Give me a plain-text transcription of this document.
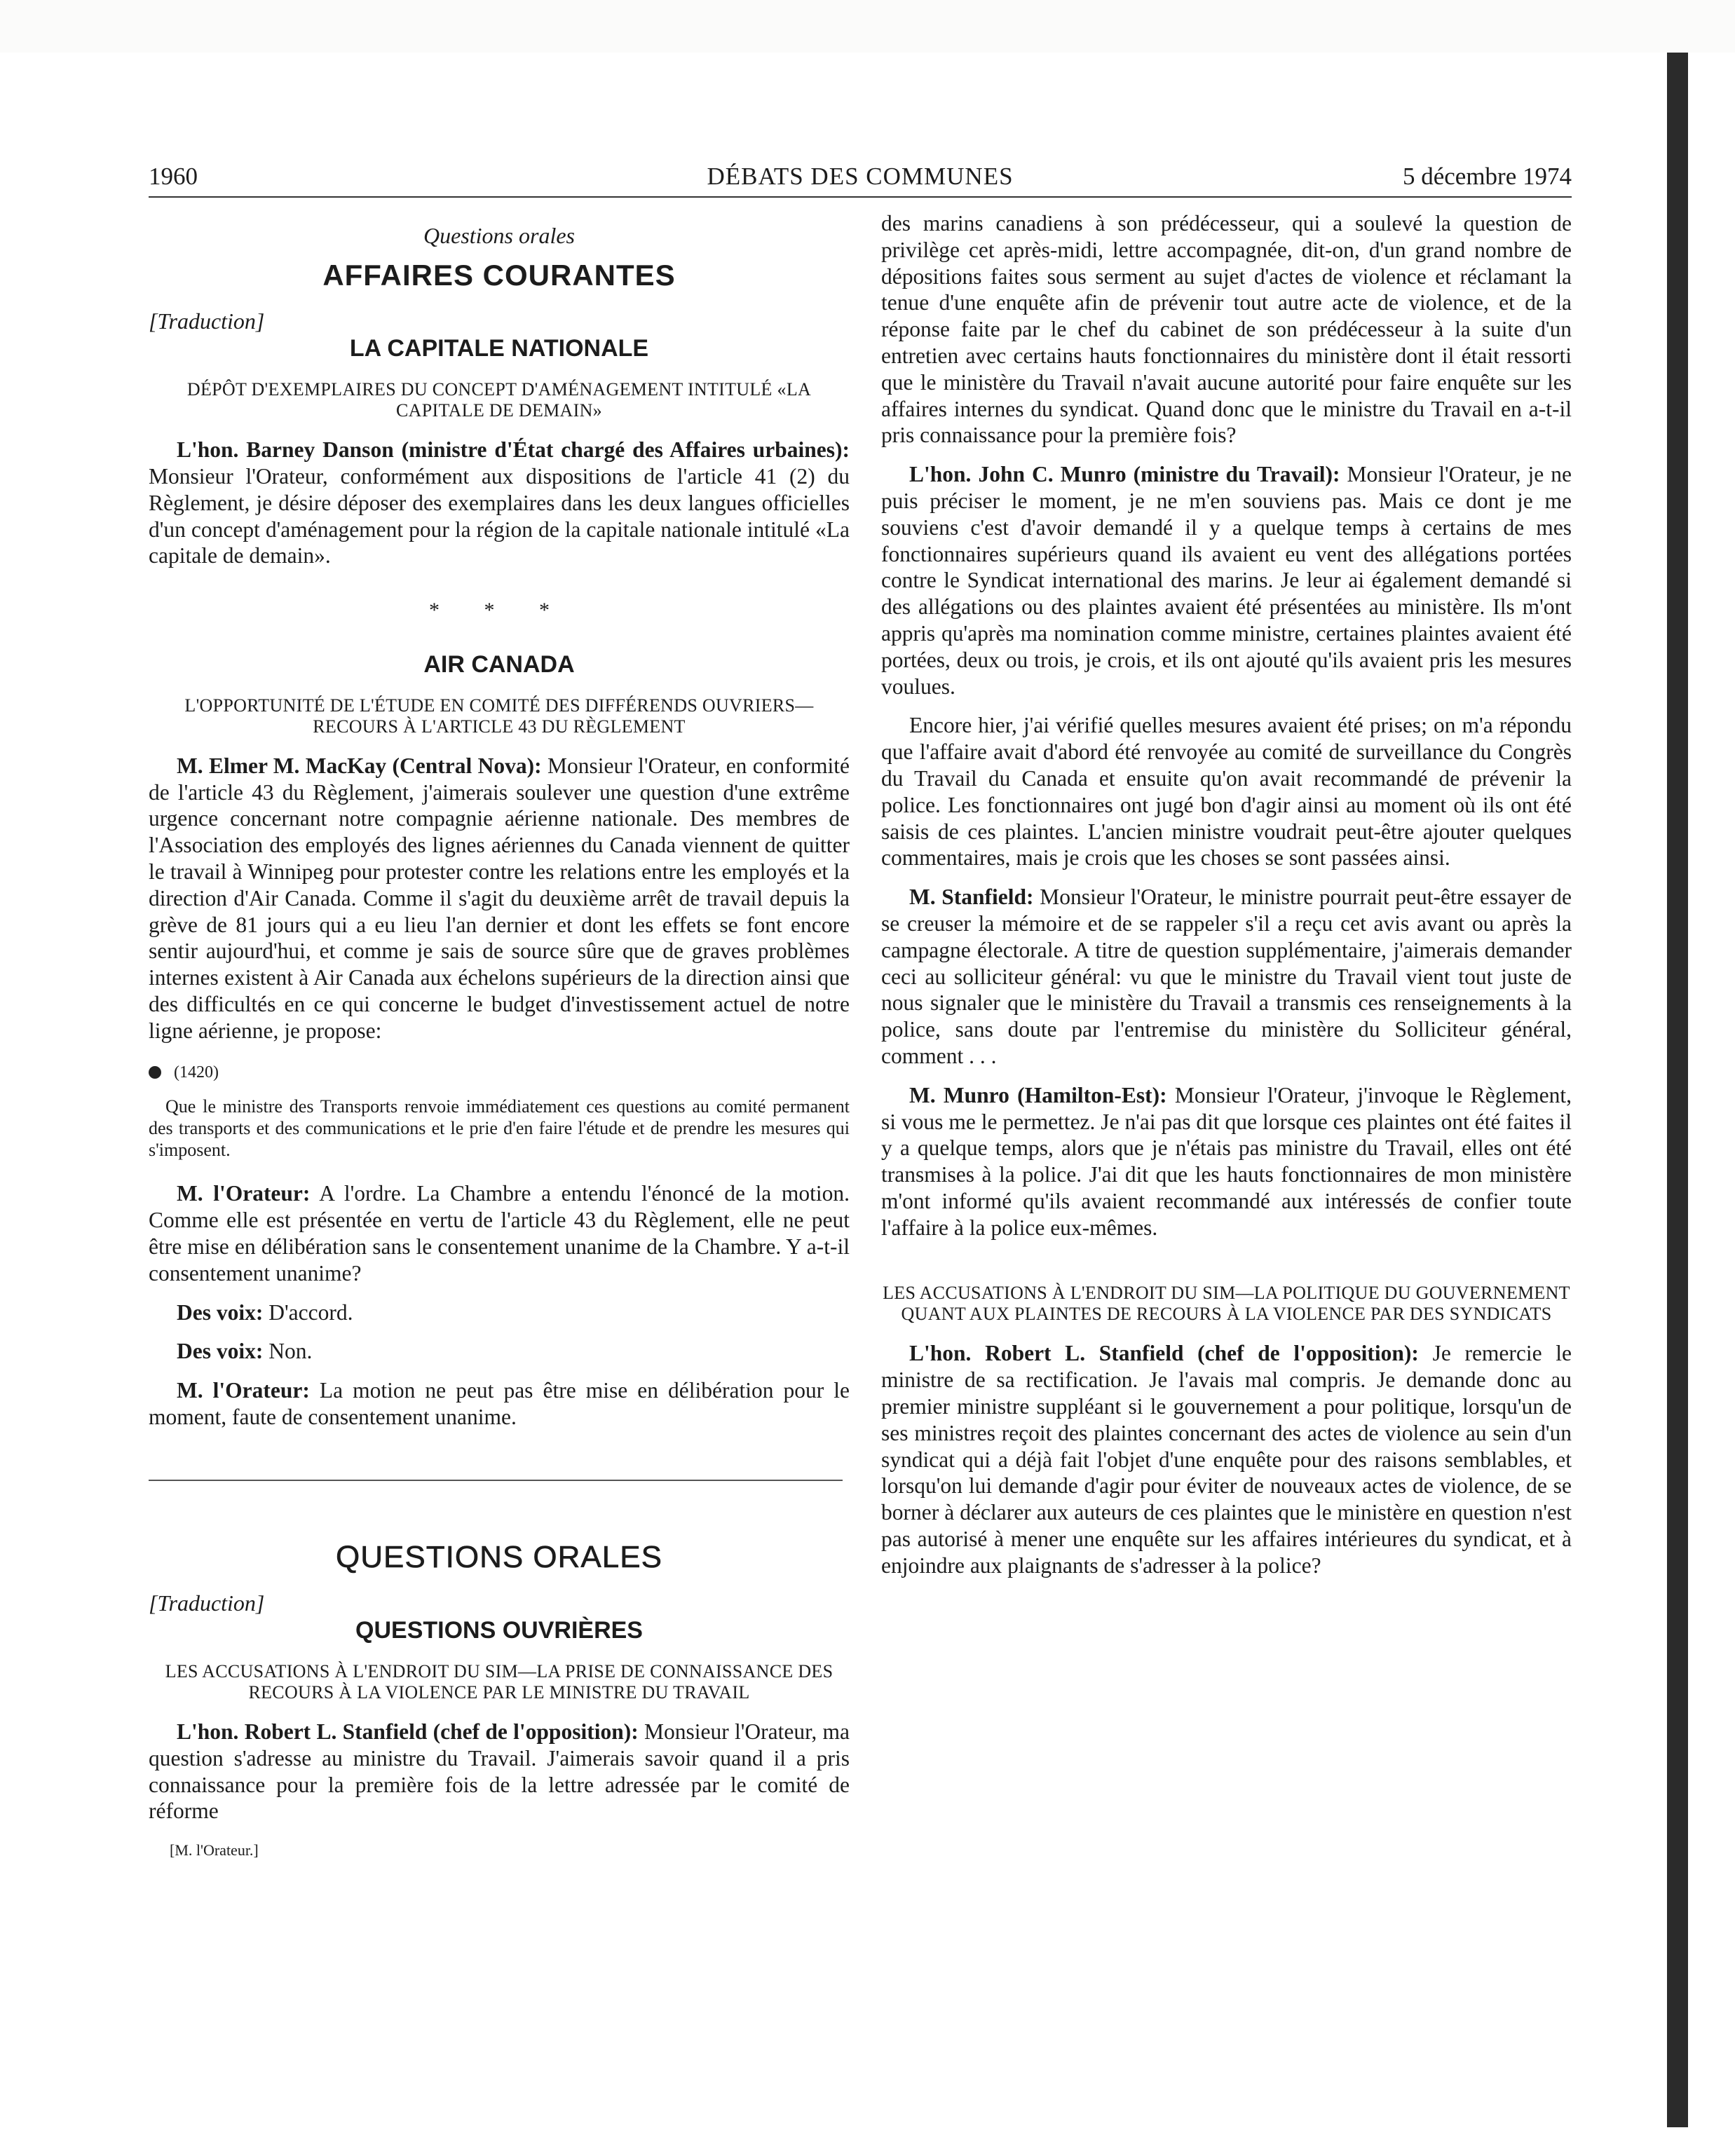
1960	DÉBATS DES COMMUNES	5 décembre 1974
Questions orales
AFFAIRES COURANTES
[Traduction]
LA CAPITALE NATIONALE
DÉPÔT D'EXEMPLAIRES DU CONCEPT D'AMÉNAGEMENT INTITULÉ «LA CAPITALE DE DEMAIN»

L'hon. Barney Danson (ministre d'État chargé des Affaires urbaines): Monsieur l'Orateur, conformément aux dispositions de l'article 41 (2) du Règlement, je désire déposer des exemplaires dans les deux langues officielles d'un concept d'aménagement pour la région de la capitale nationale intitulé «La capitale de demain».

* * *
AIR CANADA
L'OPPORTUNITÉ DE L'ÉTUDE EN COMITÉ DES DIFFÉRENDS OUVRIERS—RECOURS À L'ARTICLE 43 DU RÈGLEMENT

M. Elmer M. MacKay (Central Nova): Monsieur l'Orateur, en conformité de l'article 43 du Règlement, j'aimerais soulever une question d'une extrême urgence concernant notre compagnie aérienne nationale. Des membres de l'Association des employés des lignes aériennes du Canada viennent de quitter le travail à Winnipeg pour protester contre les relations entre les employés et la direction d'Air Canada. Comme il s'agit du deuxième arrêt de travail depuis la grève de 81 jours qui a eu lieu l'an dernier et dont les effets se font encore sentir aujourd'hui, et comme je sais de source sûre que de graves problèmes internes existent à Air Canada aux échelons supérieurs de la direction ainsi que des difficultés en ce qui concerne le budget d'investissement actuel de notre ligne aérienne, je propose:

(1420)

Que le ministre des Transports renvoie immédiatement ces questions au comité permanent des transports et des communications et le prie d'en faire l'étude et de prendre les mesures qui s'imposent.

M. l'Orateur: A l'ordre. La Chambre a entendu l'énoncé de la motion. Comme elle est présentée en vertu de l'article 43 du Règlement, elle ne peut être mise en délibération sans le consentement unanime de la Chambre. Y a-t-il consentement unanime?

Des voix: D'accord.

Des voix: Non.

M. l'Orateur: La motion ne peut pas être mise en délibération pour le moment, faute de consentement unanime.

QUESTIONS ORALES
[Traduction]
QUESTIONS OUVRIÈRES
LES ACCUSATIONS À L'ENDROIT DU SIM—LA PRISE DE CONNAISSANCE DES RECOURS À LA VIOLENCE PAR LE MINISTRE DU TRAVAIL

L'hon. Robert L. Stanfield (chef de l'opposition): Monsieur l'Orateur, ma question s'adresse au ministre du Travail. J'aimerais savoir quand il a pris connaissance pour la première fois de la lettre adressée par le comité de réforme

[M. l'Orateur.]

des marins canadiens à son prédécesseur, qui a soulevé la question de privilège cet après-midi, lettre accompagnée, dit-on, d'un grand nombre de dépositions faites sous serment au sujet d'actes de violence et réclamant la tenue d'une enquête afin de prévenir tout autre acte de violence, et de la réponse faite par le chef du cabinet de son prédécesseur à la suite d'un entretien avec certains hauts fonctionnaires du ministère dont il était ressorti que le ministère du Travail n'avait aucune autorité pour faire enquête sur les affaires internes du syndicat. Quand donc que le ministre du Travail en a-t-il pris connaissance pour la première fois?

L'hon. John C. Munro (ministre du Travail): Monsieur l'Orateur, je ne puis préciser le moment, je ne m'en souviens pas. Mais ce dont je me souviens c'est d'avoir demandé il y a quelque temps à certains de mes fonctionnaires supérieurs quand ils avaient eu vent des allégations portées contre le Syndicat international des marins. Je leur ai également demandé si des allégations ou des plaintes avaient été présentées au ministère. Ils m'ont appris qu'après ma nomination comme ministre, certaines plaintes avaient été portées, deux ou trois, je crois, et ils ont ajouté qu'ils avaient pris les mesures voulues.

Encore hier, j'ai vérifié quelles mesures avaient été prises; on m'a répondu que l'affaire avait d'abord été renvoyée au comité de surveillance du Congrès du Travail du Canada et ensuite qu'on avait recommandé de prévenir la police. Les fonctionnaires ont jugé bon d'agir ainsi au moment où ils ont été saisis de ces plaintes. L'ancien ministre voudrait peut-être ajouter quelques commentaires, mais je crois que les choses se sont passées ainsi.

M. Stanfield: Monsieur l'Orateur, le ministre pourrait peut-être essayer de se creuser la mémoire et de se rappeler s'il a reçu cet avis avant ou après la campagne électorale. A titre de question supplémentaire, j'aimerais demander ceci au solliciteur général: vu que le ministre du Travail vient tout juste de nous signaler que le ministère du Travail a transmis ces renseignements à la police, sans doute par l'entremise du ministère du Solliciteur général, comment . . .

M. Munro (Hamilton-Est): Monsieur l'Orateur, j'invoque le Règlement, si vous me le permettez. Je n'ai pas dit que lorsque ces plaintes ont été faites il y a quelque temps, alors que je n'étais pas ministre du Travail, elles ont été transmises à la police. J'ai dit que les hauts fonctionnaires de mon ministère m'ont informé qu'ils avaient recommandé aux intéressés de confier toute l'affaire à la police eux-mêmes.

LES ACCUSATIONS À L'ENDROIT DU SIM—LA POLITIQUE DU GOUVERNEMENT QUANT AUX PLAINTES DE RECOURS À LA VIOLENCE PAR DES SYNDICATS

L'hon. Robert L. Stanfield (chef de l'opposition): Je remercie le ministre de sa rectification. Je l'avais mal compris. Je demande donc au premier ministre suppléant si le gouvernement a pour politique, lorsqu'un de ses ministres reçoit des plaintes concernant des actes de violence au sein d'un syndicat qui a déjà fait l'objet d'une enquête pour des raisons semblables, et lorsqu'on lui demande d'agir pour éviter de nouveaux actes de violence, de se borner à déclarer aux auteurs de ces plaintes que le ministère en question n'est pas autorisé à mener une enquête sur les affaires intérieures du syndicat, et à enjoindre aux plaignants de s'adresser à la police?
